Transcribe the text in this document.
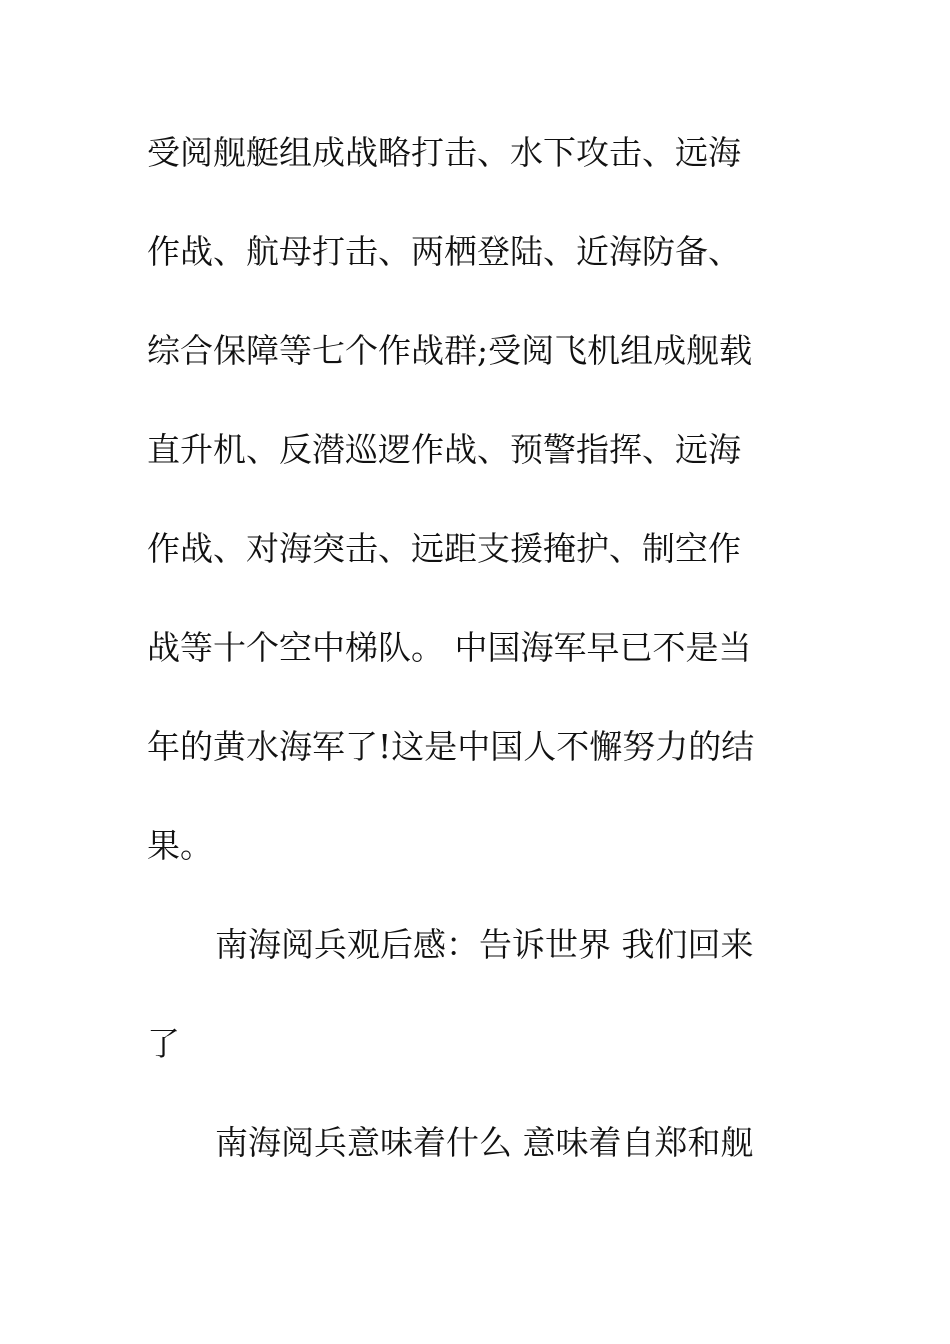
受阅舰艇组成战略打击、水下攻击、远海
作战、航母打击、两栖登陆、近海防备、
综合保障等七个作战群;受阅飞机组成舰载
直升机、反潜巡逻作战、预警指挥、远海
作战、对海突击、远距支援掩护、制空作
战等十个空中梯队。 中国海军早已不是当
年的黄水海军了!这是中国人不懈努力的结
果。
南海阅兵观后感：告诉世界 我们回来
了
南海阅兵意味着什么 意味着自郑和舰
